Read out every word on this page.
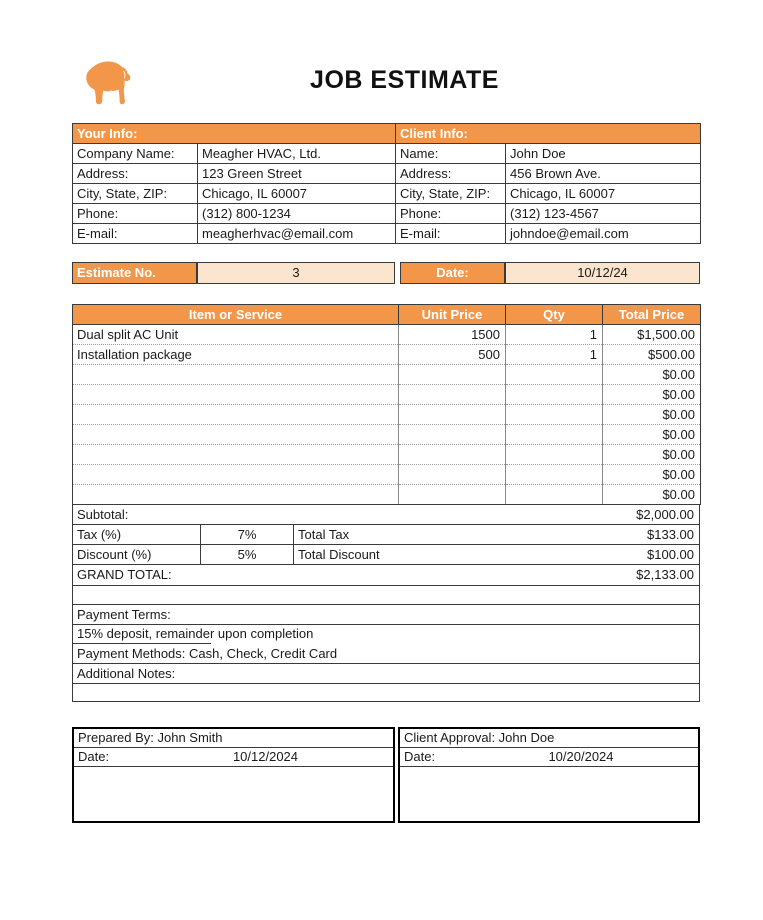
JOB ESTIMATE
Your Info:		Client Info:	
Company Name:	Meagher HVAC, Ltd.	Name:	John Doe
Address:	123 Green Street	Address:	456 Brown Ave.
City, State, ZIP:	Chicago, IL 60007	City, State, ZIP:	Chicago, IL 60007
Phone:	(312) 800-1234	Phone:	(312) 123-4567
E-mail:	meagherhvac@email.com	E-mail:	johndoe@email.com
Estimate No.	3	Date:	10/12/24
Item or Service	Unit Price	Qty	Total Price
Dual split AC Unit	1500	1	$1,500.00
Installation package	500	1	$500.00
			$0.00
			$0.00
			$0.00
			$0.00
			$0.00
			$0.00
			$0.00
Subtotal:	$2,000.00
Tax (%)	7%	Total Tax	$133.00
Discount (%)	5%	Total Discount	$100.00
GRAND TOTAL:	$2,133.00
Payment Terms:
15% deposit, remainder upon completion
Payment Methods: Cash, Check, Credit Card
Additional Notes:
Prepared By: John Smith
Date:	10/12/2024
Client Approval: John Doe
Date:	10/20/2024
